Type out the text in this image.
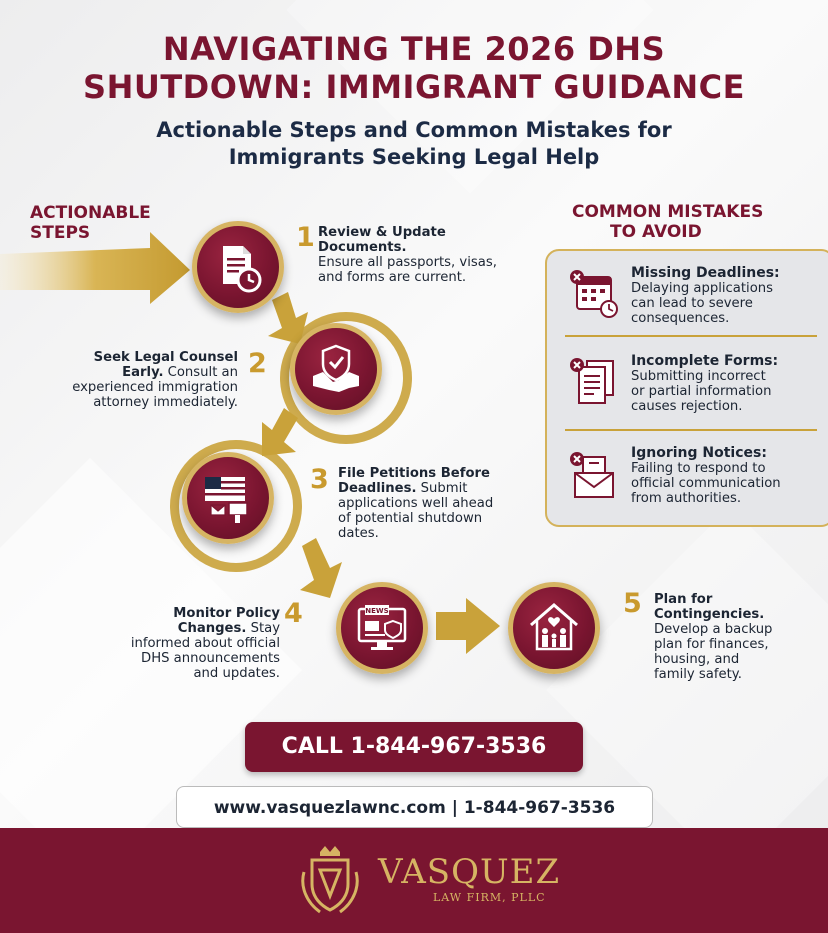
NAVIGATING THE 2026 DHS
SHUTDOWN: IMMIGRANT GUIDANCE
Actionable Steps and Common Mistakes for
Immigrants Seeking Legal Help
ACTIONABLE
STEPS
COMMON MISTAKES
TO AVOID
1 Review & Update
Documents.
Ensure all passports, visas,
and forms are current.
2
Seek Legal Counsel
Early. Consult an
experienced immigration
attorney immediately.
3 File Petitions Before
Deadlines. Submit
applications well ahead
of potential shutdown
dates.
NEWS
4
Monitor Policy
Changes. Stay
informed about official
DHS announcements
and updates.
5 Plan for
Contingencies.
Develop a backup
plan for finances,
housing, and
family safety.
Missing Deadlines:
Delaying applications
can lead to severe
consequences.
Incomplete Forms:
Submitting incorrect
or partial information
causes rejection.
Ignoring Notices:
Failing to respond to
official communication
from authorities.
CALL 1-844-967-3536
www.vasquezlawnc.com | 1-844-967-3536
VASQUEZ
LAW FIRM, PLLC
